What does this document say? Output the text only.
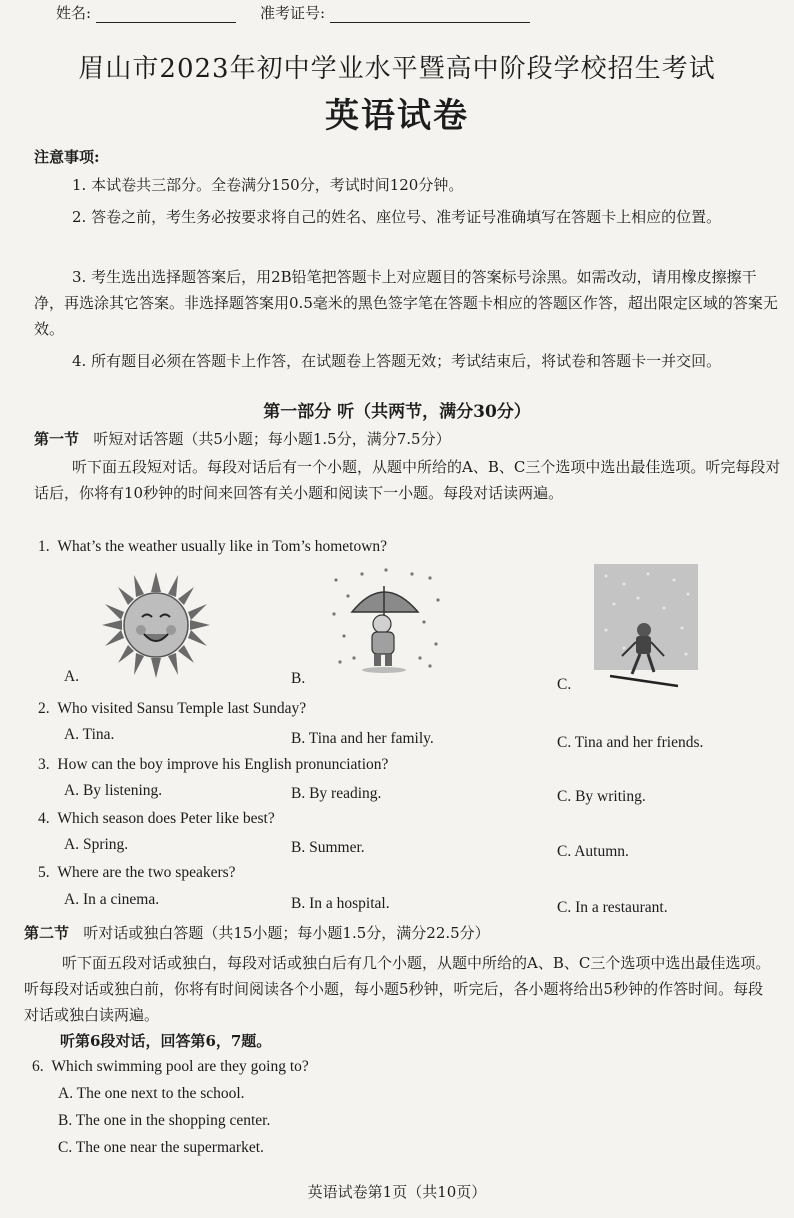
姓名:	准考证号:
眉山市2023年初中学业水平暨高中阶段学校招生考试
英语试卷
注意事项:
1. 本试卷共三部分。全卷满分150分，考试时间120分钟。
2. 答卷之前，考生务必按要求将自己的姓名、座位号、准考证号准确填写在答题卡上相应的位置。
3. 考生选出选择题答案后，用2B铅笔把答题卡上对应题目的答案标号涂黑。如需改动，请用橡皮擦擦干净，再选涂其它答案。非选择题答案用0.5毫米的黑色签字笔在答题卡相应的答题区作答，超出限定区域的答案无效。
4. 所有题目必须在答题卡上作答，在试题卷上答题无效；考试结束后，将试卷和答题卡一并交回。
第一部分 听（共两节，满分30分）
第一节 听短对话答题（共5小题；每小题1.5分，满分7.5分）
听下面五段短对话。每段对话后有一个小题，从题中所给的A、B、C三个选项中选出最佳选项。听完每段对话后，你将有10秒钟的时间来回答有关小题和阅读下一小题。每段对话读两遍。
1. What’s the weather usually like in Tom’s hometown?
A.	B.	C.
2. Who visited Sansu Temple last Sunday?
A. Tina.	B. Tina and her family.	C. Tina and her friends.
3. How can the boy improve his English pronunciation?
A. By listening.	B. By reading.	C. By writing.
4. Which season does Peter like best?
A. Spring.	B. Summer.	C. Autumn.
5. Where are the two speakers?
A. In a cinema.	B. In a hospital.	C. In a restaurant.
第二节 听对话或独白答题（共15小题；每小题1.5分，满分22.5分）
听下面五段对话或独白，每段对话或独白后有几个小题，从题中所给的A、B、C三个选项中选出最佳选项。听每段对话或独白前，你将有时间阅读各个小题，每小题5秒钟，听完后，各小题将给出5秒钟的作答时间。每段对话或独白读两遍。
听第6段对话，回答第6，7题。
6. Which swimming pool are they going to?
A. The one next to the school.
B. The one in the shopping center.
C. The one near the supermarket.
英语试卷第1页（共10页）
